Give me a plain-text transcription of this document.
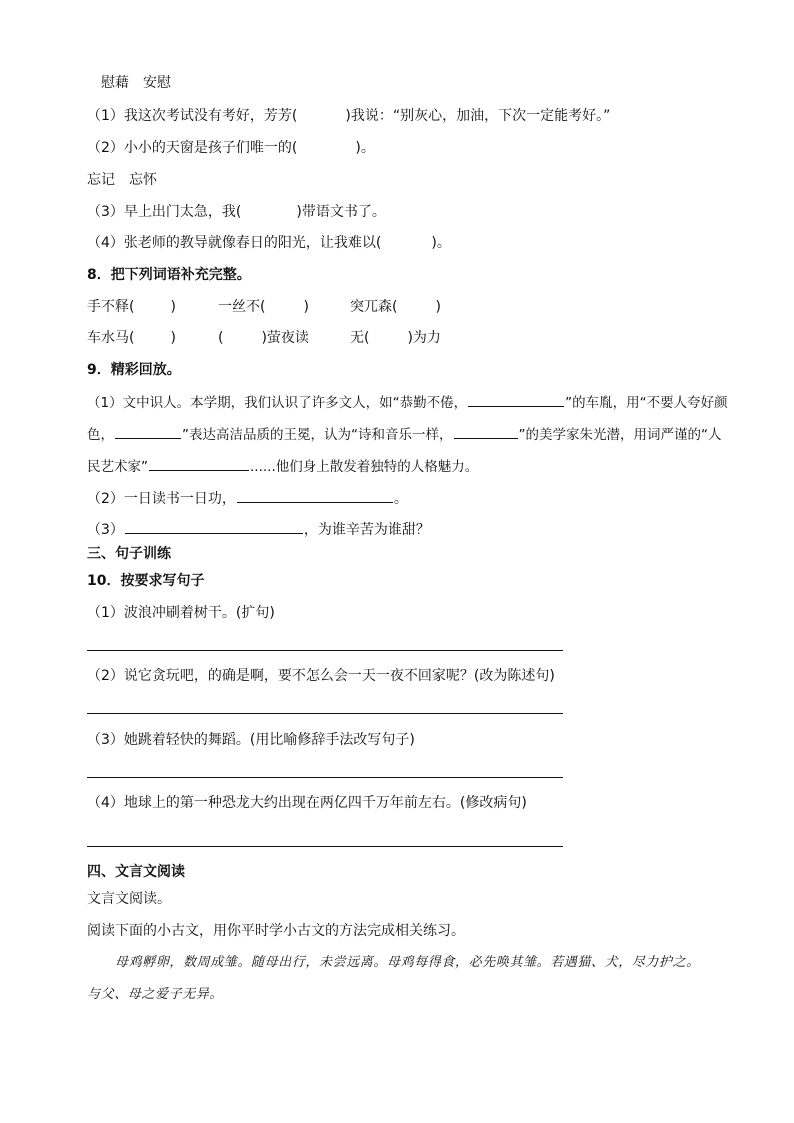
慰藉　安慰
（1）我这次考试没有考好，芳芳(	)我说：“别灰心，加油，下次一定能考好。”
（2）小小的天窗是孩子们唯一的(	)。
忘记　忘怀
（3）早上出门太急，我(	)带语文书了。
（4）张老师的教导就像春日的阳光，让我难以(	)。
8．把下列词语补充完整。
手不释(	)	一丝不(	)	突兀森(	)
车水马(	)	(	)萤夜读	无(	)为力
9．精彩回放。
（1）文中识人。本学期，我们认识了许多文人，如“恭勤不倦，	”的车胤，用“不要人夸好颜
色，	”表达高洁品质的王冕，认为“诗和音乐一样，	”的美学家朱光潜，用词严谨的“人
民艺术家”	......他们身上散发着独特的人格魅力。
（2）一日读书一日功，	。
（3）	，为谁辛苦为谁甜？
三、句子训练
10．按要求写句子
（1）波浪冲刷着树干。(扩句)
（2）说它贪玩吧，的确是啊，要不怎么会一天一夜不回家呢？(改为陈述句)
（3）她跳着轻快的舞蹈。(用比喻修辞手法改写句子)
（4）地球上的第一种恐龙大约出现在两亿四千万年前左右。(修改病句)
四、文言文阅读
文言文阅读。
阅读下面的小古文，用你平时学小古文的方法完成相关练习。
母鸡孵卵，数周成雏。随母出行，未尝远离。母鸡每得食，必先唤其雏。若遇猫、犬，尽力护之。
与父、母之爱子无异。
